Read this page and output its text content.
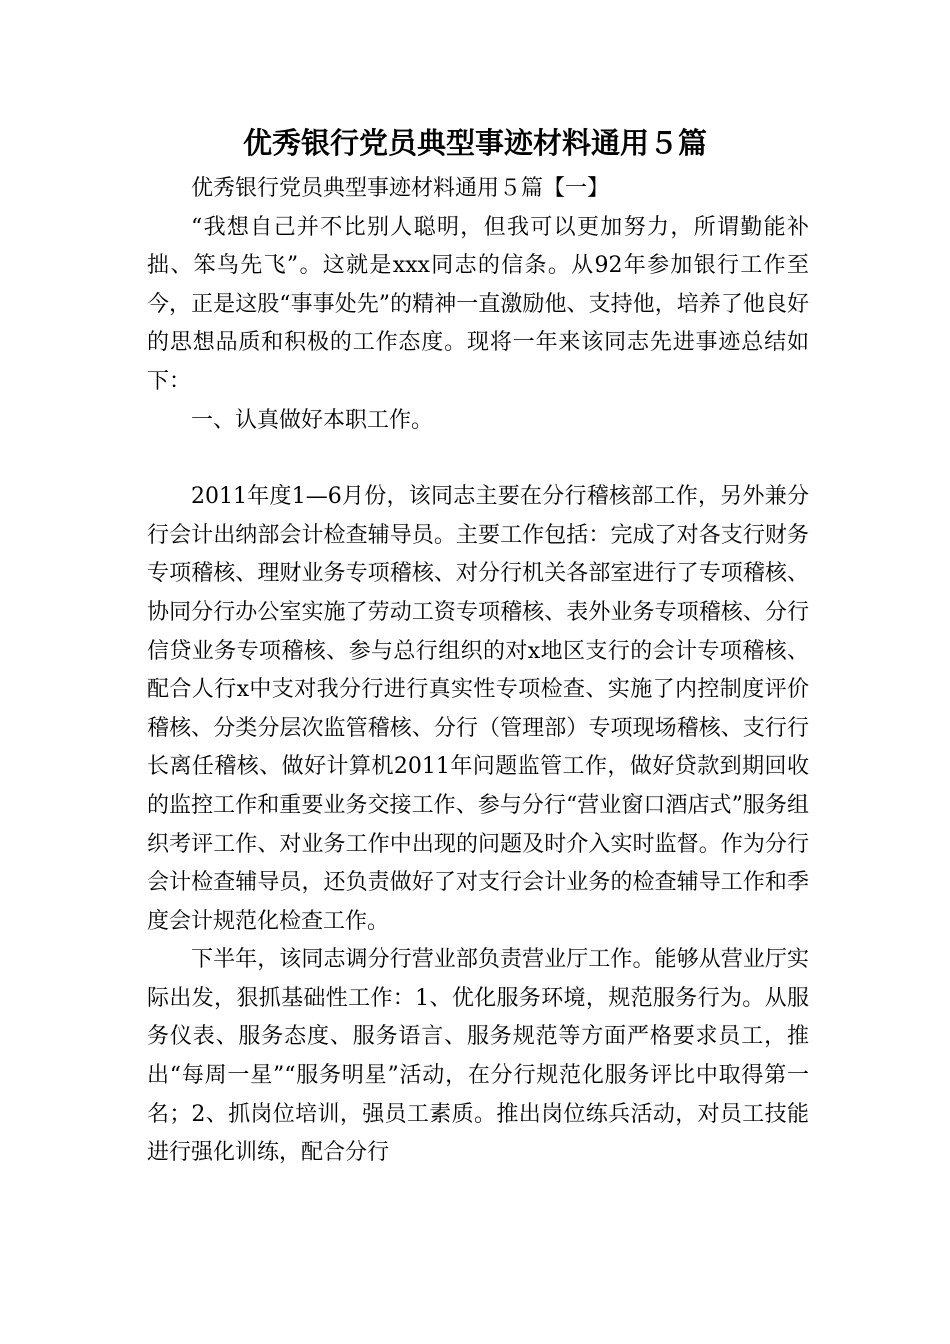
优秀银行党员典型事迹材料通用５篇

优秀银行党员典型事迹材料通用５篇【一】

“我想自己并不比别人聪明，但我可以更加努力，所谓勤能补拙、笨鸟先飞”。这就是xxx同志的信条。从92年参加银行工作至今，正是这股“事事处先”的精神一直激励他、支持他，培养了他良好的思想品质和积极的工作态度。现将一年来该同志先进事迹总结如下：

一、认真做好本职工作。

2011年度1—6月份，该同志主要在分行稽核部工作，另外兼分行会计出纳部会计检查辅导员。主要工作包括：完成了对各支行财务专项稽核、理财业务专项稽核、对分行机关各部室进行了专项稽核、协同分行办公室实施了劳动工资专项稽核、表外业务专项稽核、分行信贷业务专项稽核、参与总行组织的对x地区支行的会计专项稽核、配合人行x中支对我分行进行真实性专项检查、实施了内控制度评价稽核、分类分层次监管稽核、分行（管理部）专项现场稽核、支行行长离任稽核、做好计算机2011年问题监管工作，做好贷款到期回收的监控工作和重要业务交接工作、参与分行“营业窗口酒店式”服务组织考评工作、对业务工作中出现的问题及时介入实时监督。作为分行会计检查辅导员，还负责做好了对支行会计业务的检查辅导工作和季度会计规范化检查工作。

下半年，该同志调分行营业部负责营业厅工作。能够从营业厅实际出发，狠抓基础性工作：1、优化服务环境，规范服务行为。从服务仪表、服务态度、服务语言、服务规范等方面严格要求员工，推出“每周一星”“服务明星”活动，在分行规范化服务评比中取得第一名；2、抓岗位培训，强员工素质。推出岗位练兵活动，对员工技能进行强化训练，配合分行
